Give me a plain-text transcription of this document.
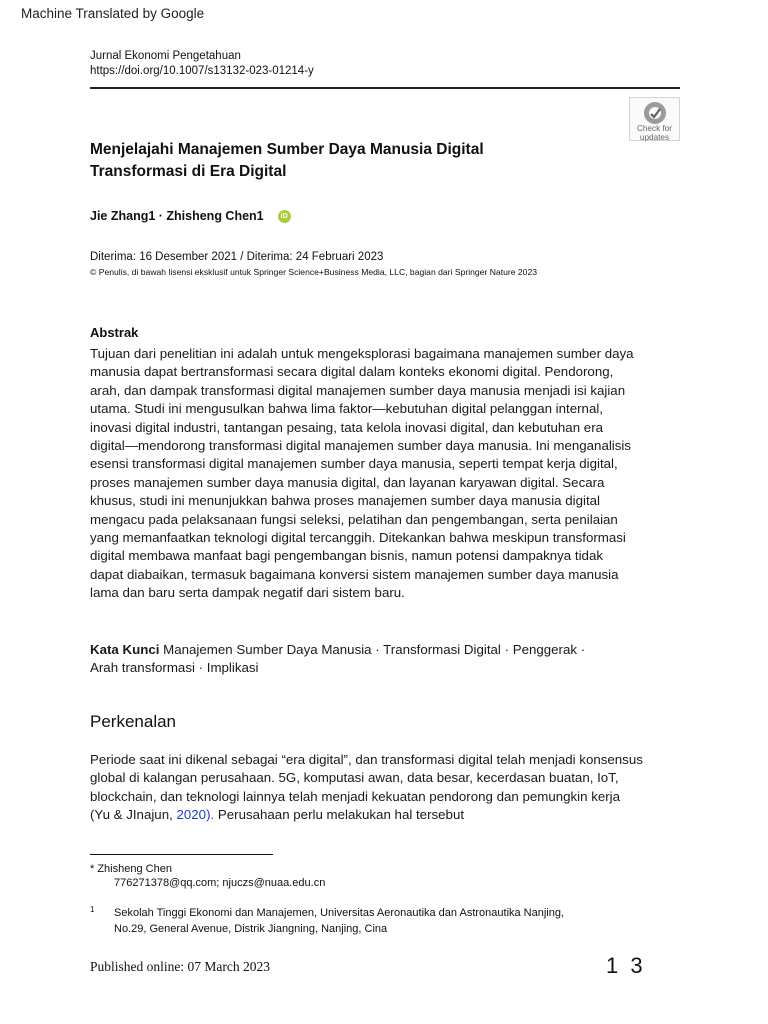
Machine Translated by Google
Jurnal Ekonomi Pengetahuan
https://doi.org/10.1007/s13132-023-01214-y
Check for
updates
Menjelajahi Manajemen Sumber Daya Manusia Digital
Transformasi di Era Digital
Jie Zhang1 · Zhisheng Chen1	iD
Diterima: 16 Desember 2021 / Diterima: 24 Februari 2023
© Penulis, di bawah lisensi eksklusif untuk Springer Science+Business Media, LLC, bagian dari Springer Nature 2023
Abstrak
Tujuan dari penelitian ini adalah untuk mengeksplorasi bagaimana manajemen sumber daya
manusia dapat bertransformasi secara digital dalam konteks ekonomi digital. Pendorong,
arah, dan dampak transformasi digital manajemen sumber daya manusia menjadi isi kajian
utama. Studi ini mengusulkan bahwa lima faktor—kebutuhan digital pelanggan internal,
inovasi digital industri, tantangan pesaing, tata kelola inovasi digital, dan kebutuhan era
digital—mendorong transformasi digital manajemen sumber daya manusia. Ini menganalisis
esensi transformasi digital manajemen sumber daya manusia, seperti tempat kerja digital,
proses manajemen sumber daya manusia digital, dan layanan karyawan digital. Secara
khusus, studi ini menunjukkan bahwa proses manajemen sumber daya manusia digital
mengacu pada pelaksanaan fungsi seleksi, pelatihan dan pengembangan, serta penilaian
yang memanfaatkan teknologi digital tercanggih. Ditekankan bahwa meskipun transformasi
digital membawa manfaat bagi pengembangan bisnis, namun potensi dampaknya tidak
dapat diabaikan, termasuk bagaimana konversi sistem manajemen sumber daya manusia
lama dan baru serta dampak negatif dari sistem baru.
Kata Kunci Manajemen Sumber Daya Manusia · Transformasi Digital · Penggerak ·
Arah transformasi · Implikasi
Perkenalan
Periode saat ini dikenal sebagai “era digital”, dan transformasi digital telah menjadi konsensus
global di kalangan perusahaan. 5G, komputasi awan, data besar, kecerdasan buatan, IoT,
blockchain, dan teknologi lainnya telah menjadi kekuatan pendorong dan pemungkin kerja
(Yu & JInajun, 2020). Perusahaan perlu melakukan hal tersebut
* Zhisheng Chen
776271378@qq.com; njuczs@nuaa.edu.cn
1	Sekolah Tinggi Ekonomi dan Manajemen, Universitas Aeronautika dan Astronautika Nanjing,
No.29, General Avenue, Distrik Jiangning, Nanjing, Cina
Published online: 07 March 2023	1 3
